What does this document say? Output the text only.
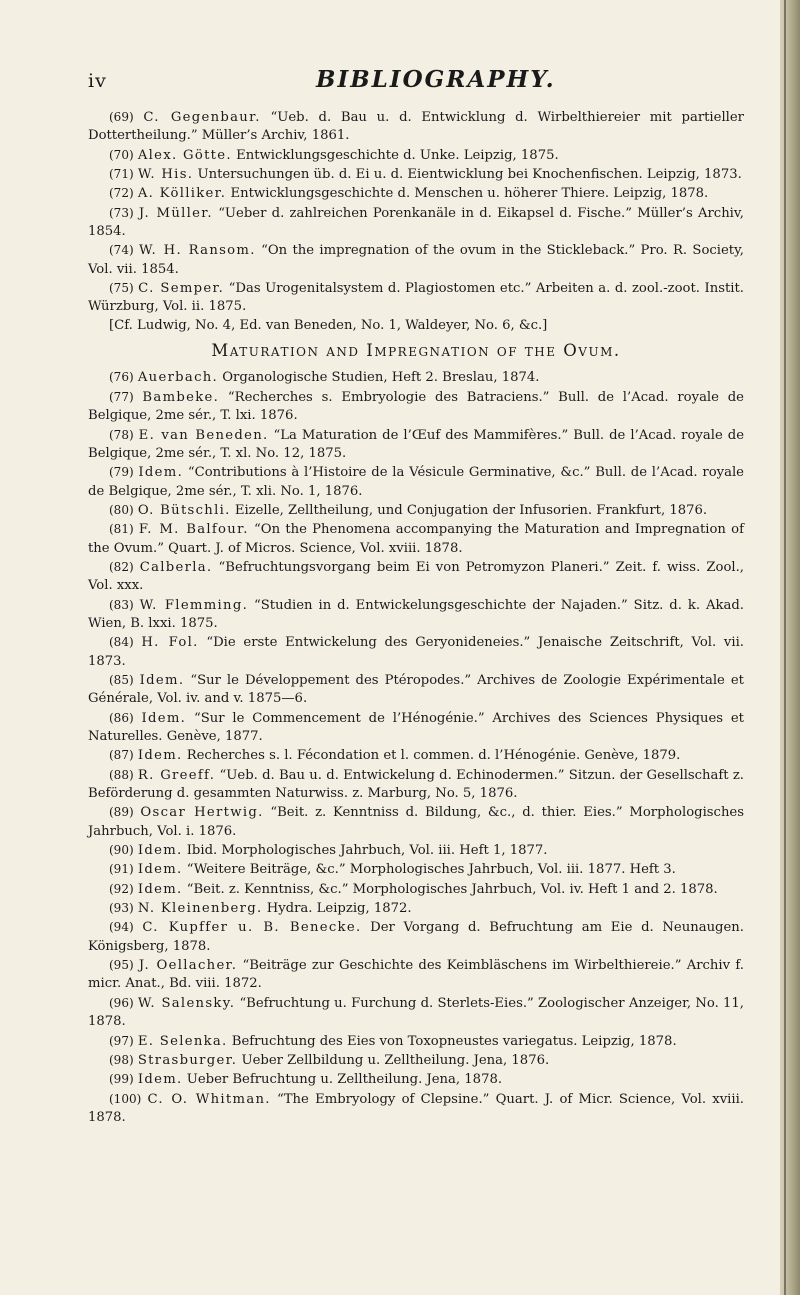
iv	BIBLIOGRAPHY.

(69) C. Gegenbaur. “Ueb. d. Bau u. d. Entwicklung d. Wirbelthiereier mit partieller Dottertheilung.” Müller’s Archiv, 1861.

(70) Alex. Götte. Entwicklungsgeschichte d. Unke. Leipzig, 1875.

(71) W. His. Untersuchungen üb. d. Ei u. d. Eientwicklung bei Knochenfischen. Leipzig, 1873.

(72) A. Kölliker. Entwicklungsgeschichte d. Menschen u. höherer Thiere. Leipzig, 1878.

(73) J. Müller. “Ueber d. zahlreichen Porenkanäle in d. Eikapsel d. Fische.” Müller’s Archiv, 1854.

(74) W. H. Ransom. “On the impregnation of the ovum in the Stickleback.” Pro. R. Society, Vol. vii. 1854.

(75) C. Semper. “Das Urogenitalsystem d. Plagiostomen etc.” Arbeiten a. d. zool.-zoot. Instit. Würzburg, Vol. ii. 1875.

[Cf. Ludwig, No. 4, Ed. van Beneden, No. 1, Waldeyer, No. 6, &c.]

Maturation and Impregnation of the Ovum.

(76) Auerbach. Organologische Studien, Heft 2. Breslau, 1874.

(77) Bambeke. “Recherches s. Embryologie des Batraciens.” Bull. de l’Acad. royale de Belgique, 2me sér., T. lxi. 1876.

(78) E. van Beneden. “La Maturation de l’Œuf des Mammifères.” Bull. de l’Acad. royale de Belgique, 2me sér., T. xl. No. 12, 1875.

(79) Idem. “Contributions à l’Histoire de la Vésicule Germinative, &c.” Bull. de l’Acad. royale de Belgique, 2me sér., T. xli. No. 1, 1876.

(80) O. Bütschli. Eizelle, Zelltheilung, und Conjugation der Infusorien. Frankfurt, 1876.

(81) F. M. Balfour. “On the Phenomena accompanying the Maturation and Impregnation of the Ovum.” Quart. J. of Micros. Science, Vol. xviii. 1878.

(82) Calberla. “Befruchtungsvorgang beim Ei von Petromyzon Planeri.” Zeit. f. wiss. Zool., Vol. xxx.

(83) W. Flemming. “Studien in d. Entwickelungsgeschichte der Najaden.” Sitz. d. k. Akad. Wien, B. lxxi. 1875.

(84) H. Fol. “Die erste Entwickelung des Geryonideneies.” Jenaische Zeitschrift, Vol. vii. 1873.

(85) Idem. “Sur le Développement des Ptéropodes.” Archives de Zoologie Expérimentale et Générale, Vol. iv. and v. 1875—6.

(86) Idem. “Sur le Commencement de l’Hénogénie.” Archives des Sciences Physiques et Naturelles. Genève, 1877.

(87) Idem. Recherches s. l. Fécondation et l. commen. d. l’Hénogénie. Genève, 1879.

(88) R. Greeff. “Ueb. d. Bau u. d. Entwickelung d. Echinodermen.” Sitzun. der Gesellschaft z. Beförderung d. gesammten Naturwiss. z. Marburg, No. 5, 1876.

(89) Oscar Hertwig. “Beit. z. Kenntniss d. Bildung, &c., d. thier. Eies.” Morphologisches Jahrbuch, Vol. i. 1876.

(90) Idem. Ibid. Morphologisches Jahrbuch, Vol. iii. Heft 1, 1877.

(91) Idem. “Weitere Beiträge, &c.” Morphologisches Jahrbuch, Vol. iii. 1877. Heft 3.

(92) Idem. “Beit. z. Kenntniss, &c.” Morphologisches Jahrbuch, Vol. iv. Heft 1 and 2. 1878.

(93) N. Kleinenberg. Hydra. Leipzig, 1872.

(94) C. Kupffer u. B. Benecke. Der Vorgang d. Befruchtung am Eie d. Neunaugen. Königsberg, 1878.

(95) J. Oellacher. “Beiträge zur Geschichte des Keimbläschens im Wirbelthiereie.” Archiv f. micr. Anat., Bd. viii. 1872.

(96) W. Salensky. “Befruchtung u. Furchung d. Sterlets-Eies.” Zoologischer Anzeiger, No. 11, 1878.

(97) E. Selenka. Befruchtung des Eies von Toxopneustes variegatus. Leipzig, 1878.

(98) Strasburger. Ueber Zellbildung u. Zelltheilung. Jena, 1876.

(99) Idem. Ueber Befruchtung u. Zelltheilung. Jena, 1878.

(100) C. O. Whitman. “The Embryology of Clepsine.” Quart. J. of Micr. Science, Vol. xviii. 1878.
